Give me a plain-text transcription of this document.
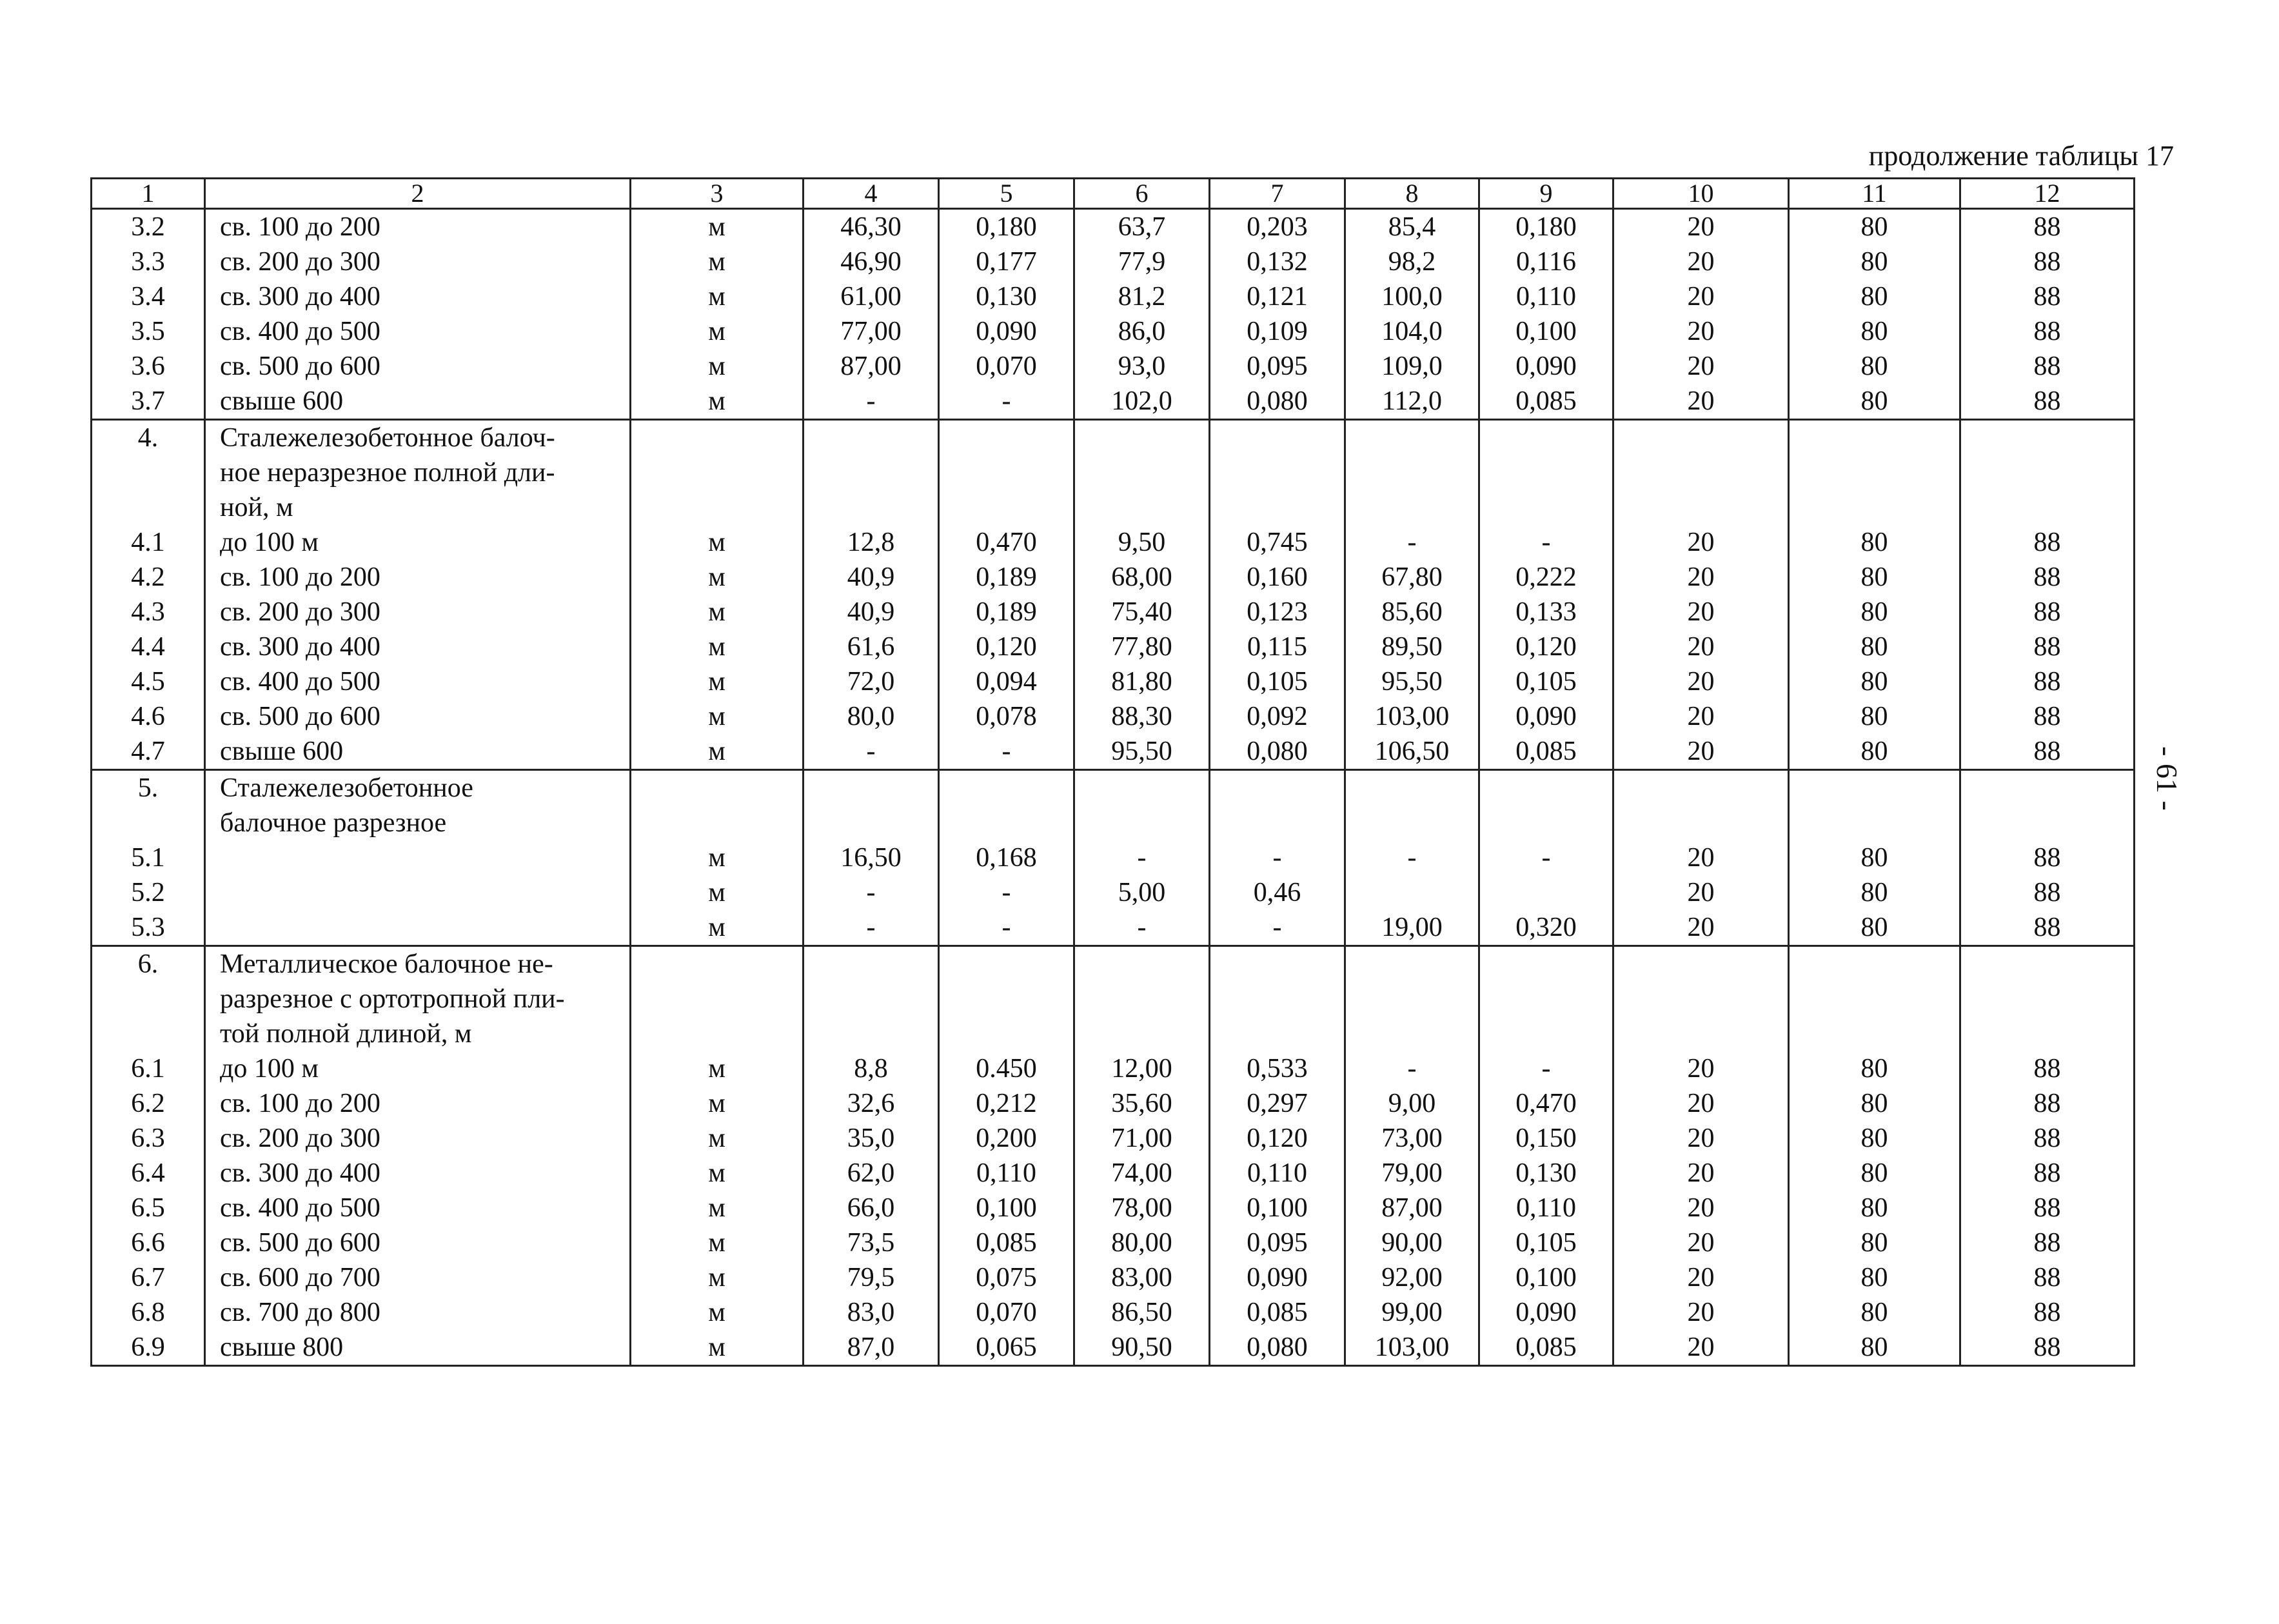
продолжение таблицы 17
- 61 -
1	2	3	4	5	6	7	8	9	10	11	12
3.2	св. 100 до 200	м	46,30	0,180	63,7	0,203	85,4	0,180	20	80	88
3.3	св. 200 до 300	м	46,90	0,177	77,9	0,132	98,2	0,116	20	80	88
3.4	св. 300 до 400	м	61,00	0,130	81,2	0,121	100,0	0,110	20	80	88
3.5	св. 400 до 500	м	77,00	0,090	86,0	0,109	104,0	0,100	20	80	88
3.6	св. 500 до 600	м	87,00	0,070	93,0	0,095	109,0	0,090	20	80	88
3.7	свыше 600	м	-	-	102,0	0,080	112,0	0,085	20	80	88
4.	Сталежелезобетонное балоч-										
	ное неразрезное полной дли-										
	ной, м										
4.1	до 100 м	м	12,8	0,470	9,50	0,745	-	-	20	80	88
4.2	св. 100 до 200	м	40,9	0,189	68,00	0,160	67,80	0,222	20	80	88
4.3	св. 200 до 300	м	40,9	0,189	75,40	0,123	85,60	0,133	20	80	88
4.4	св. 300 до 400	м	61,6	0,120	77,80	0,115	89,50	0,120	20	80	88
4.5	св. 400 до 500	м	72,0	0,094	81,80	0,105	95,50	0,105	20	80	88
4.6	св. 500 до 600	м	80,0	0,078	88,30	0,092	103,00	0,090	20	80	88
4.7	свыше 600	м	-	-	95,50	0,080	106,50	0,085	20	80	88
5.	Сталежелезобетонное										
	балочное разрезное										
5.1		м	16,50	0,168	-	-	-	-	20	80	88
5.2		м	-	-	5,00	0,46			20	80	88
5.3		м	-	-	-	-	19,00	0,320	20	80	88
6.	Металлическое балочное не-										
	разрезное с ортотропной пли-										
	той полной длиной, м										
6.1	до 100 м	м	8,8	0.450	12,00	0,533	-	-	20	80	88
6.2	св. 100 до 200	м	32,6	0,212	35,60	0,297	9,00	0,470	20	80	88
6.3	св. 200 до 300	м	35,0	0,200	71,00	0,120	73,00	0,150	20	80	88
6.4	св. 300 до 400	м	62,0	0,110	74,00	0,110	79,00	0,130	20	80	88
6.5	св. 400 до 500	м	66,0	0,100	78,00	0,100	87,00	0,110	20	80	88
6.6	св. 500 до 600	м	73,5	0,085	80,00	0,095	90,00	0,105	20	80	88
6.7	св. 600 до 700	м	79,5	0,075	83,00	0,090	92,00	0,100	20	80	88
6.8	св. 700 до 800	м	83,0	0,070	86,50	0,085	99,00	0,090	20	80	88
6.9	свыше 800	м	87,0	0,065	90,50	0,080	103,00	0,085	20	80	88
